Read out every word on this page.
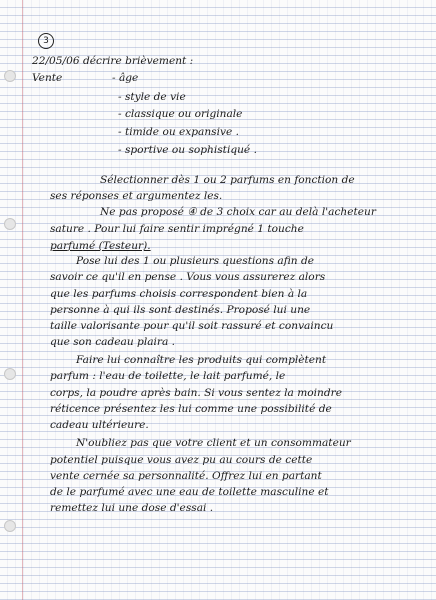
3
22/05/06
Vente
décrire brièvement :
- âge
- style de vie
- classique ou originale
- timide ou expansive .
- sportive ou sophistiqué .
Sélectionner dès 1 ou 2 parfums en fonction de
ses réponses et argumentez les.
Ne pas proposé ④ de 3 choix car au delà l'acheteur
sature . Pour lui faire sentir imprégné 1 touche
parfumé (Testeur).
Pose lui des 1 ou plusieurs questions afin de
savoir ce qu'il en pense . Vous vous assurerez alors
que les parfums choisis correspondent bien à la
personne à qui ils sont destinés. Proposé lui une
taille valorisante pour qu'il soit rassuré et convaincu
que son cadeau plaira .
Faire lui connaître les produits qui complètent
parfum : l'eau de toilette, le lait parfumé, le
corps, la poudre après bain. Si vous sentez la moindre
réticence présentez les lui comme une possibilité de
cadeau ultérieure.
N'oubliez pas que votre client et un consommateur
potentiel puisque vous avez pu au cours de cette
vente cernée sa personnalité. Offrez lui en partant
de le parfumé avec une eau de toilette masculine et
remettez lui une dose d'essai .
